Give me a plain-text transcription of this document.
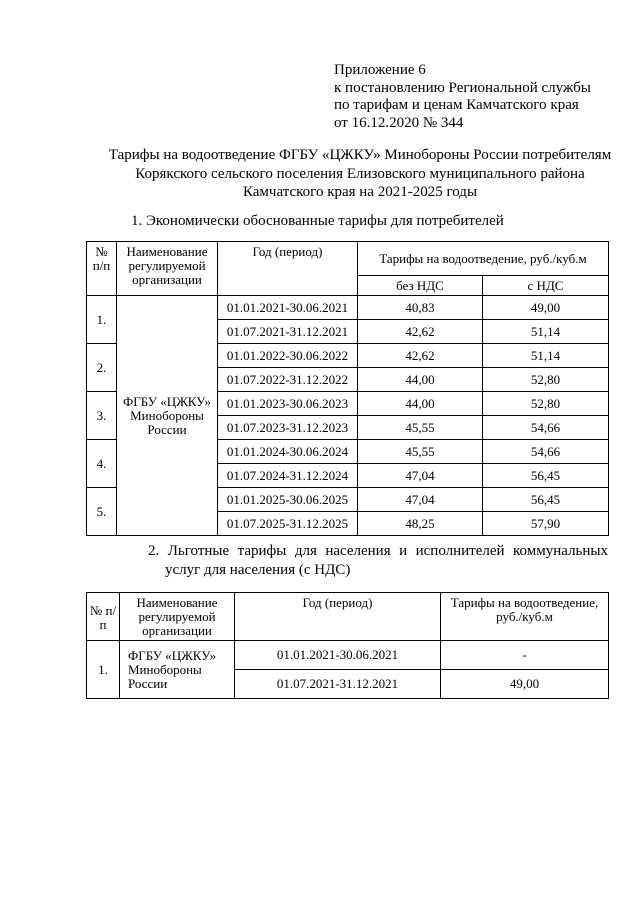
Приложение 6
к постановлению Региональной службы
по тарифам и ценам Камчатского края
от 16.12.2020 № 344
Тарифы на водоотведение ФГБУ «ЦЖКУ» Минобороны России потребителям
Корякского сельского поселения Елизовского муниципального района
Камчатского края на 2021-2025 годы
1. Экономически обоснованные тарифы для потребителей
№ п/п	Наименование регулируемой организации	Год (период)	Тарифы на водоотведение, руб./куб.м	
			без НДС	с НДС
1.	ФГБУ «ЦЖКУ» Минобороны России	01.01.2021-30.06.2021	40,83	49,00
		01.07.2021-31.12.2021	42,62	51,14
2.		01.01.2022-30.06.2022	42,62	51,14
		01.07.2022-31.12.2022	44,00	52,80
3.		01.01.2023-30.06.2023	44,00	52,80
		01.07.2023-31.12.2023	45,55	54,66
4.		01.01.2024-30.06.2024	45,55	54,66
		01.07.2024-31.12.2024	47,04	56,45
5.		01.01.2025-30.06.2025	47,04	56,45
		01.07.2025-31.12.2025	48,25	57,90
2. Льготные тарифы для населения и исполнителей коммунальных
услуг для населения (с НДС)
№ п/п	Наименование регулируемой организации	Год (период)	Тарифы на водоотведение, руб./куб.м
1.	ФГБУ «ЦЖКУ» Минобороны России	01.01.2021-30.06.2021	-
		01.07.2021-31.12.2021	49,00
